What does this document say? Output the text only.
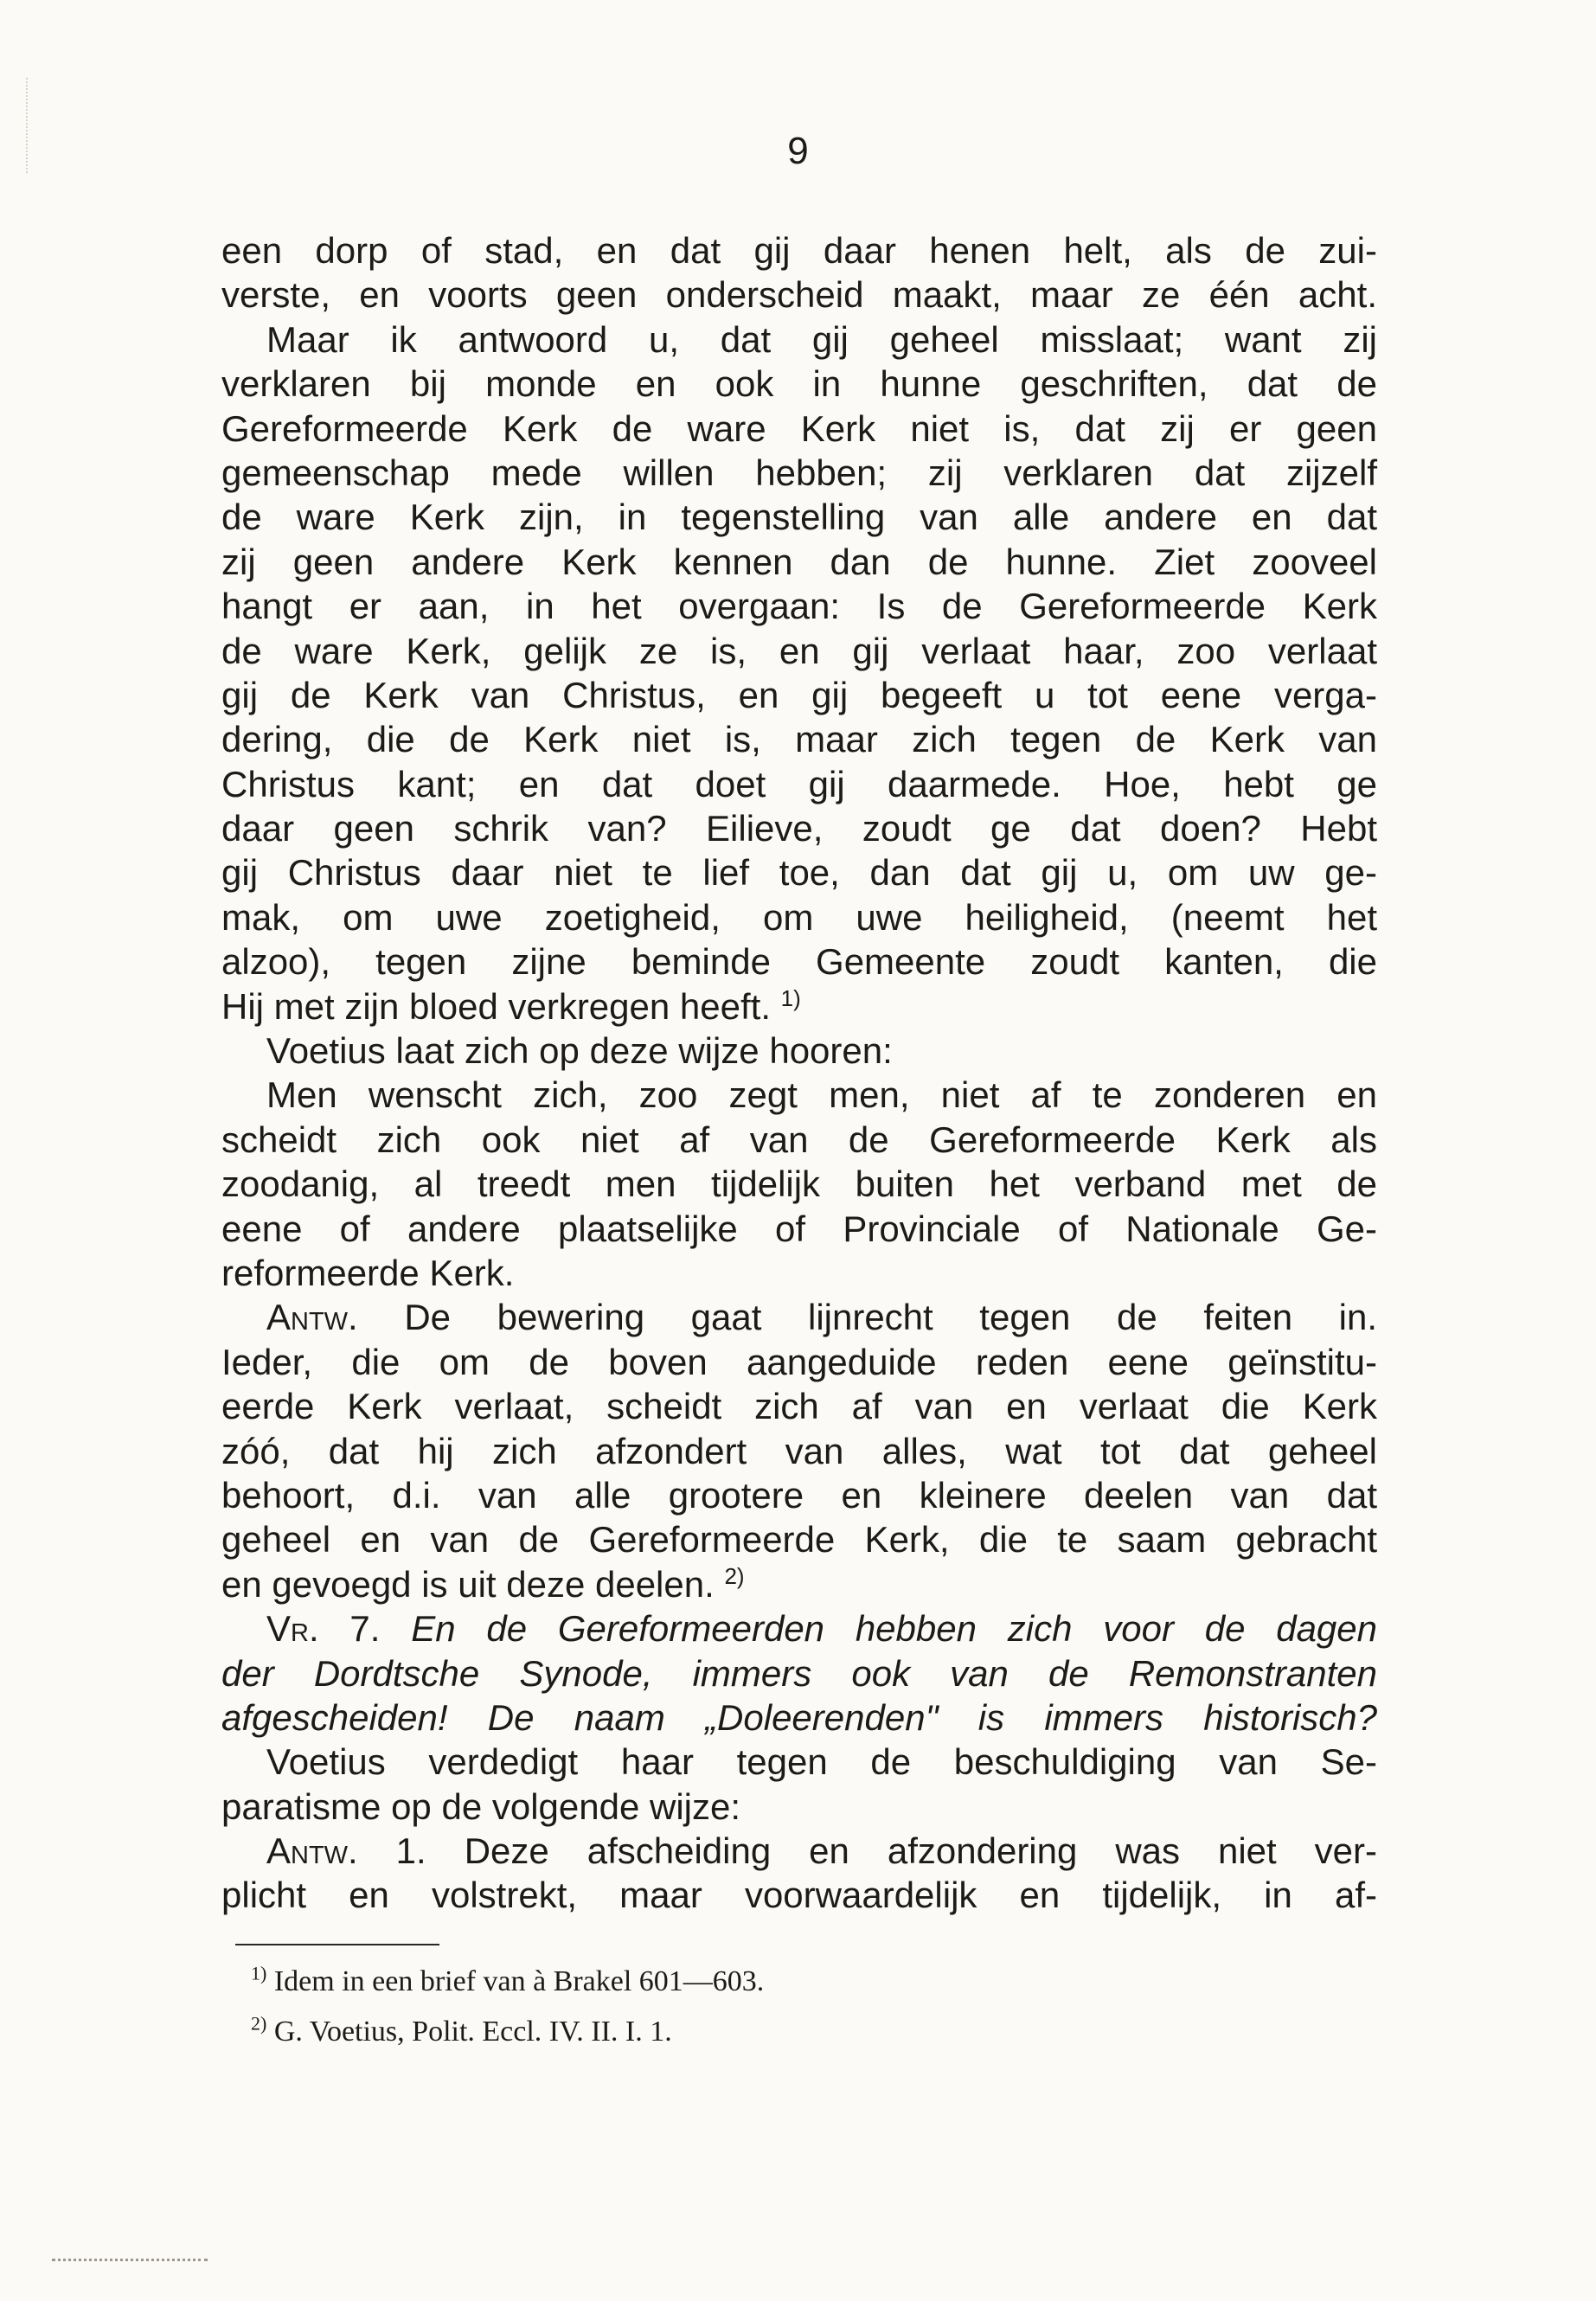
9
een dorp of stad, en dat gij daar henen helt, als de zui-
verste, en voorts geen onderscheid maakt, maar ze één acht.
Maar ik antwoord u, dat gij geheel misslaat; want zij
verklaren bij monde en ook in hunne geschriften, dat de
Gereformeerde Kerk de ware Kerk niet is, dat zij er geen
gemeenschap mede willen hebben; zij verklaren dat zijzelf
de ware Kerk zijn, in tegenstelling van alle andere en dat
zij geen andere Kerk kennen dan de hunne. Ziet zooveel
hangt er aan, in het overgaan: Is de Gereformeerde Kerk
de ware Kerk, gelijk ze is, en gij verlaat haar, zoo verlaat
gij de Kerk van Christus, en gij begeeft u tot eene verga-
dering, die de Kerk niet is, maar zich tegen de Kerk van
Christus kant; en dat doet gij daarmede. Hoe, hebt ge
daar geen schrik van? Eilieve, zoudt ge dat doen? Hebt
gij Christus daar niet te lief toe, dan dat gij u, om uw ge-
mak, om uwe zoetigheid, om uwe heiligheid, (neemt het
alzoo), tegen zijne beminde Gemeente zoudt kanten, die
Hij met zijn bloed verkregen heeft. $^{1)}$
Voetius laat zich op deze wijze hooren:
Men wenscht zich, zoo zegt men, niet af te zonderen en
scheidt zich ook niet af van de Gereformeerde Kerk als
zoodanig, al treedt men tijdelijk buiten het verband met de
eene of andere plaatselijke of Provinciale of Nationale Ge-
reformeerde Kerk.
Antw. De bewering gaat lijnrecht tegen de feiten in.
Ieder, die om de boven aangeduide reden eene geïnstitu-
eerde Kerk verlaat, scheidt zich af van en verlaat die Kerk
zóó, dat hij zich afzondert van alles, wat tot dat geheel
behoort, d.i. van alle grootere en kleinere deelen van dat
geheel en van de Gereformeerde Kerk, die te saam gebracht
en gevoegd is uit deze deelen. $^{2)}$
Vr. 7. En de Gereformeerden hebben zich voor de dagen
der Dordtsche Synode, immers ook van de Remonstranten
afgescheiden! De naam „Doleerenden" is immers historisch?
Voetius verdedigt haar tegen de beschuldiging van Se-
paratisme op de volgende wijze:
Antw. 1. Deze afscheiding en afzondering was niet ver-
plicht en volstrekt, maar voorwaardelijk en tijdelijk, in af-
$^{1)}$ Idem in een brief van à Brakel 601—603.
$^{2)}$ G. Voetius, Polit. Eccl. IV. II. I. 1.
